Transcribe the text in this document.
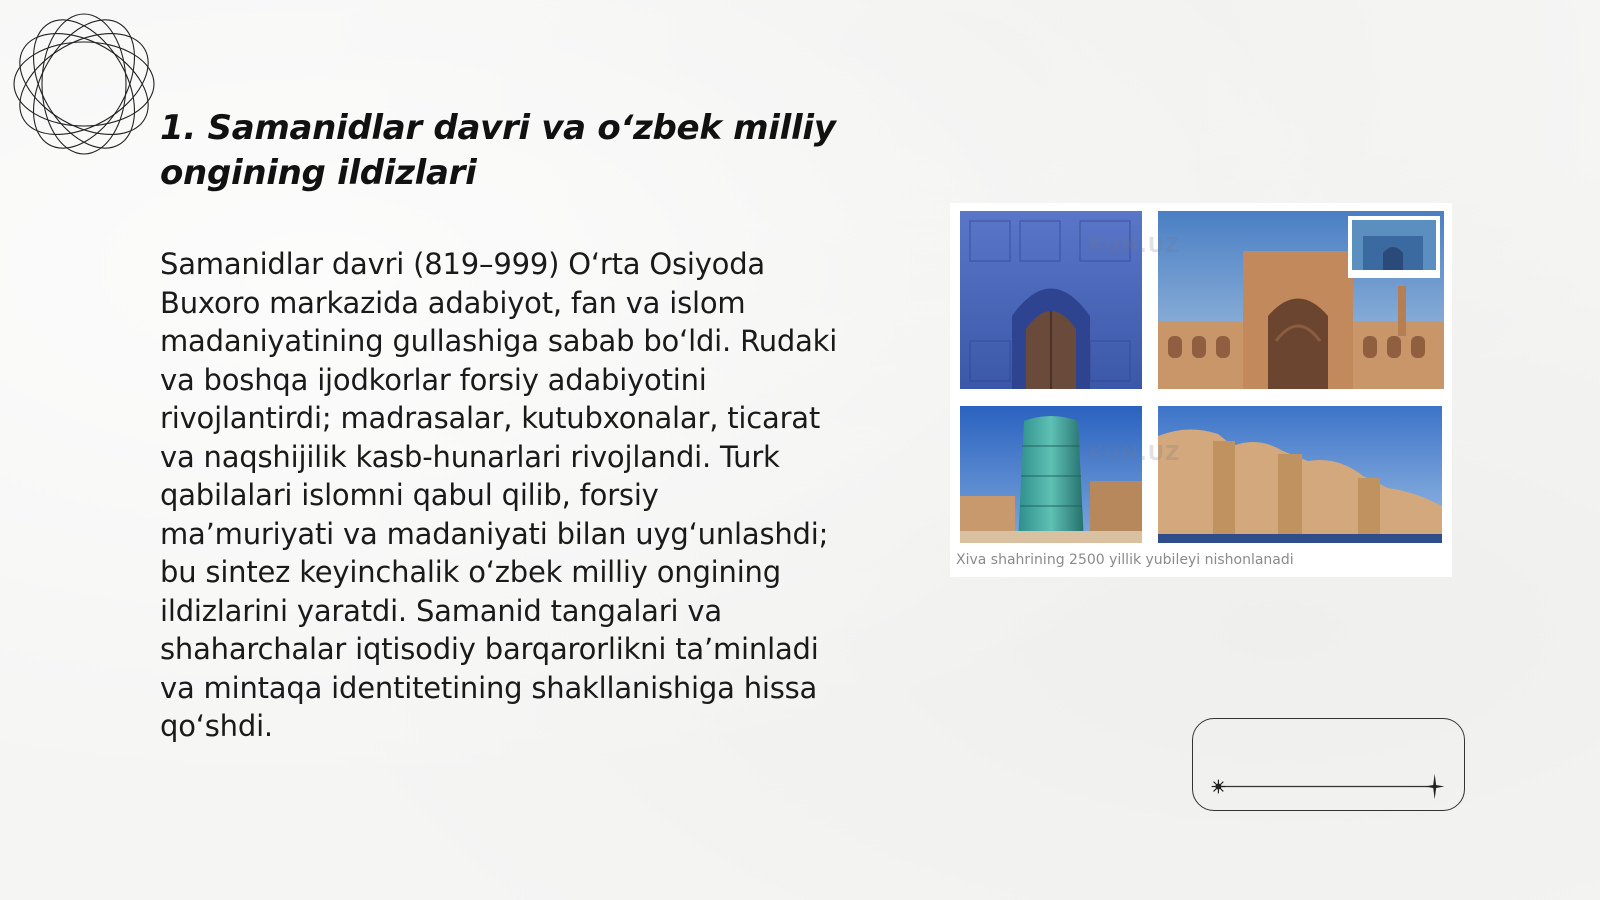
1. Samanidlar davri va o‘zbek milliy ongining ildizlari

Samanidlar davri (819–999) O‘rta Osiyoda Buxoro markazida adabiyot, fan va islom madaniyatining gullashiga sabab bo‘ldi. Rudaki va boshqa ijodkorlar forsiy adabiyotini rivojlantirdi; madrasalar, kutubxonalar, ticarat va naqshijilik kasb-hunarlari rivojlandi. Turk qabilalari islomni qabul qilib, forsiy ma’muriyati va madaniyati bilan uyg‘unlashdi; bu sintez keyinchalik o‘zbek milliy ongining ildizlarini yaratdi. Samanid tangalari va shaharchalar iqtisodiy barqarorlikni ta’minladi va mintaqa identitetining shakllanishiga hissa qo‘shdi.

KUN.UZ
KUN.UZ
Xiva shahrining 2500 yillik yubileyi nishonlanadi
